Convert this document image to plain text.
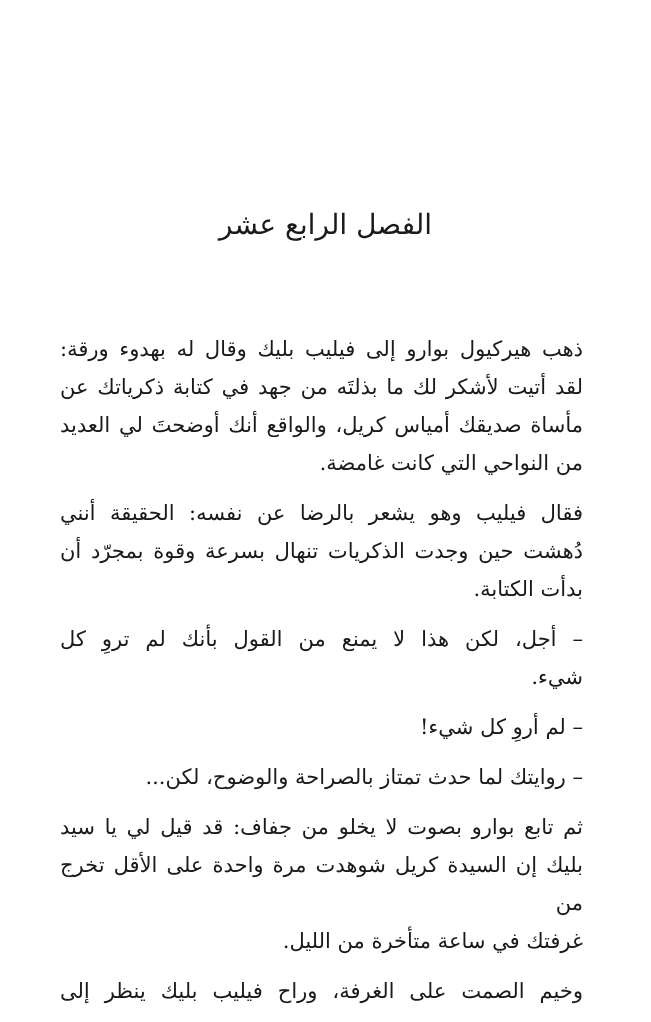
الفصل الرابع عشر

ذهب هيركيول بوارو إلى فيليب بليك وقال له بهدوء ورقة:
لقد أتيت لأشكر لك ما بذلتَه من جهد في كتابة ذكرياتك عن
مأساة صديقك أمياس كريل، والواقع أنك أوضحتَ لي العديد
من النواحي التي كانت غامضة.

فقال فيليب وهو يشعر بالرضا عن نفسه: الحقيقة أنني
دُهشت حين وجدت الذكريات تنهال بسرعة وقوة بمجرّد أن
بدأت الكتابة.

– أجل، لكن هذا لا يمنع من القول بأنك لم تروِ كل
شيء.

– لم أروِ كل شيء!

– روايتك لما حدث تمتاز بالصراحة والوضوح، لكن...

ثم تابع بوارو بصوت لا يخلو من جفاف: قد قيل لي يا سيد
بليك إن السيدة كريل شوهدت مرة واحدة على الأقل تخرج من
غرفتك في ساعة متأخرة من الليل.

وخيم الصمت على الغرفة، وراح فيليب بليك ينظر إلى
